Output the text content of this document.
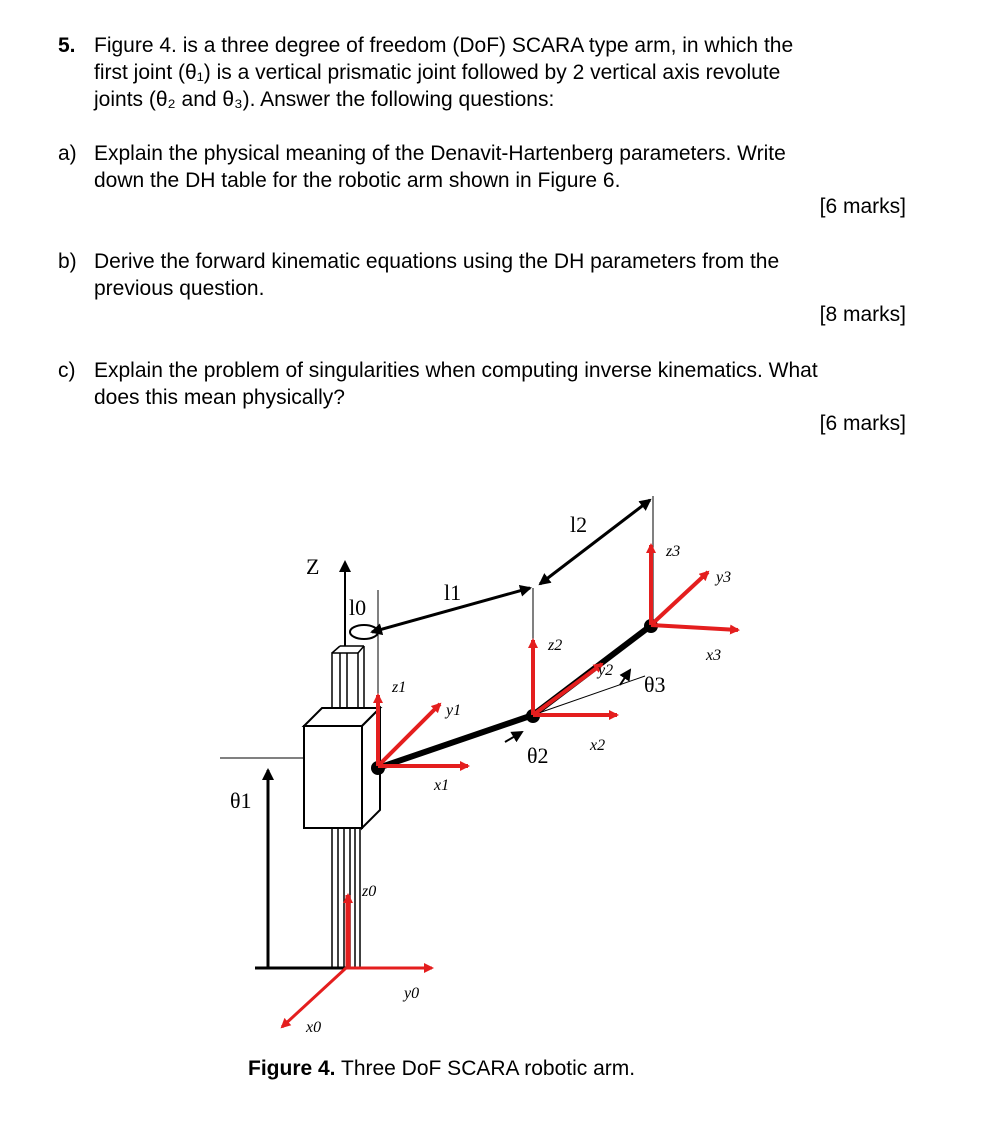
5. Figure 4. is a three degree of freedom (DoF) SCARA type arm, in which the
first joint (θ₁) is a vertical prismatic joint followed by 2 vertical axis revolute
joints (θ₂ and θ₃). Answer the following questions:
a) Explain the physical meaning of the Denavit-Hartenberg parameters. Write
down the DH table for the robotic arm shown in Figure 6.
[6 marks]
b) Derive the forward kinematic equations using the DH parameters from the
previous question.
[8 marks]
c) Explain the problem of singularities when computing inverse kinematics. What
does this mean physically?
[6 marks]
Z
l0
l1
l2
z1
y1
x1
z2
y2
x2
z3
y3
x3
z0
y0
x0
θ1
θ2
θ3
Figure 4. Three DoF SCARA robotic arm.
